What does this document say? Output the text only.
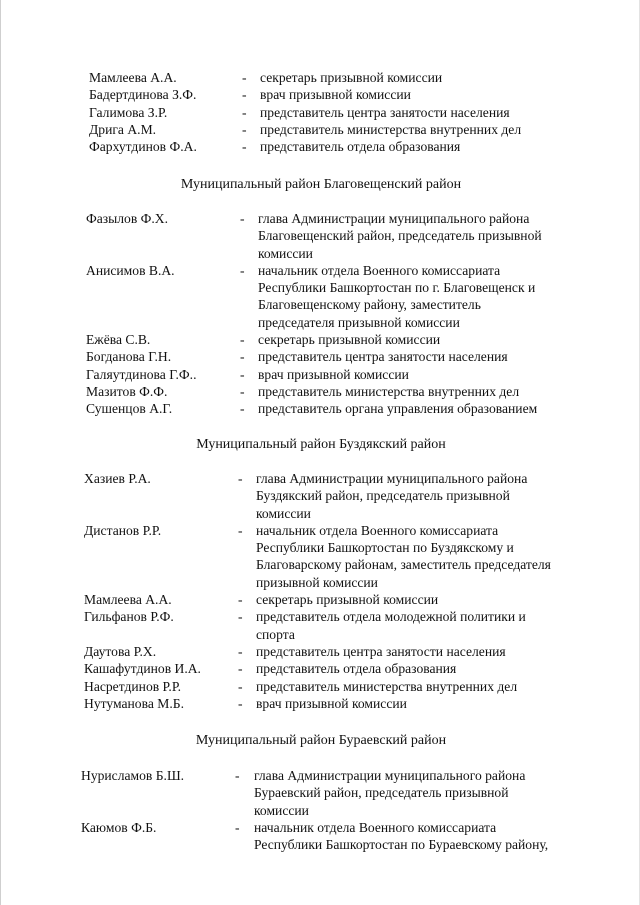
Мамлеева А.А.	- секретарь призывной комиссии

Бадертдинова З.Ф.	- врач призывной комиссии

Галимова З.Р.	- представитель центра занятости населения

Дрига А.М.	- представитель министерства внутренних дел

Фархутдинов Ф.А.	- представитель отдела образования

Муниципальный район Благовещенский район
Фазылов Ф.Х.	- глава Администрации муниципального района
Благовещенский район, председатель призывной
комиссии

Анисимов В.А.	- начальник отдела Военного комиссариата
Республики Башкортостан по г. Благовещенск и
Благовещенскому району, заместитель
председателя призывной комиссии

Ежёва С.В.	- секретарь призывной комиссии

Богданова Г.Н.	- представитель центра занятости населения

Галяутдинова Г.Ф..	- врач призывной комиссии

Мазитов Ф.Ф.	- представитель министерства внутренних дел

Сушенцов А.Г.	- представитель органа управления образованием

Муниципальный район Буздякский район
Хазиев Р.А.	- глава Администрации муниципального района
Буздякский район, председатель призывной
комиссии

Дистанов Р.Р.	- начальник отдела Военного комиссариата
Республики Башкортостан по Буздякскому и
Благоварскому районам, заместитель председателя
призывной комиссии

Мамлеева А.А.	- секретарь призывной комиссии

Гильфанов Р.Ф.	- представитель отдела молодежной политики и
спорта

Даутова Р.Х.	- представитель центра занятости населения

Кашафутдинов И.А.	- представитель отдела образования

Насретдинов Р.Р.	- представитель министерства внутренних дел

Нутуманова М.Б.	- врач призывной комиссии

Муниципальный район Бураевский район
Нурисламов Б.Ш.	- глава Администрации муниципального района
Бураевский район, председатель призывной
комиссии

Каюмов Ф.Б.	- начальник отдела Военного комиссариата
Республики Башкортостан по Бураевскому району,
